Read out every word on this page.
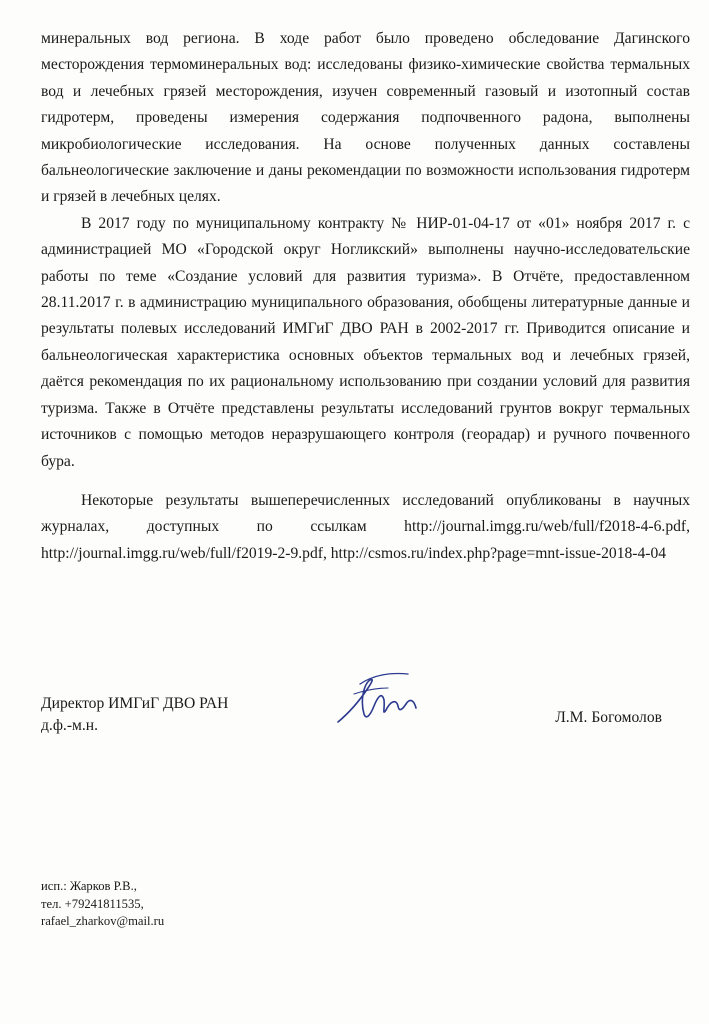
минеральных вод региона. В ходе работ было проведено обследование Дагинского месторождения термоминеральных вод: исследованы физико-химические свойства термальных вод и лечебных грязей месторождения, изучен современный газовый и изотопный состав гидротерм, проведены измерения содержания подпочвенного радона, выполнены микробиологические исследования. На основе полученных данных составлены бальнеологические заключение и даны рекомендации по возможности использования гидротерм и грязей в лечебных целях.

В 2017 году по муниципальному контракту № НИР-01-04-17 от «01» ноября 2017 г. с администрацией МО «Городской округ Ногликский» выполнены научно-исследовательские работы по теме «Создание условий для развития туризма». В Отчёте, предоставленном 28.11.2017 г. в администрацию муниципального образования, обобщены литературные данные и результаты полевых исследований ИМГиГ ДВО РАН в 2002-2017 гг. Приводится описание и бальнеологическая характеристика основных объектов термальных вод и лечебных грязей, даётся рекомендация по их рациональному использованию при создании условий для развития туризма. Также в Отчёте представлены результаты исследований грунтов вокруг термальных источников с помощью методов неразрушающего контроля (георадар) и ручного почвенного бура.

Некоторые результаты вышеперечисленных исследований опубликованы в научных журналах, доступных по ссылкам http://journal.imgg.ru/web/full/f2018-4-6.pdf, http://journal.imgg.ru/web/full/f2019-2-9.pdf, http://csmos.ru/index.php?page=mnt-issue-2018-4-04

Директор ИМГиГ ДВО РАН
д.ф.-м.н.	Л.М. Богомолов
исп.: Жарков Р.В.,
тел. +79241811535,
rafael_zharkov@mail.ru
